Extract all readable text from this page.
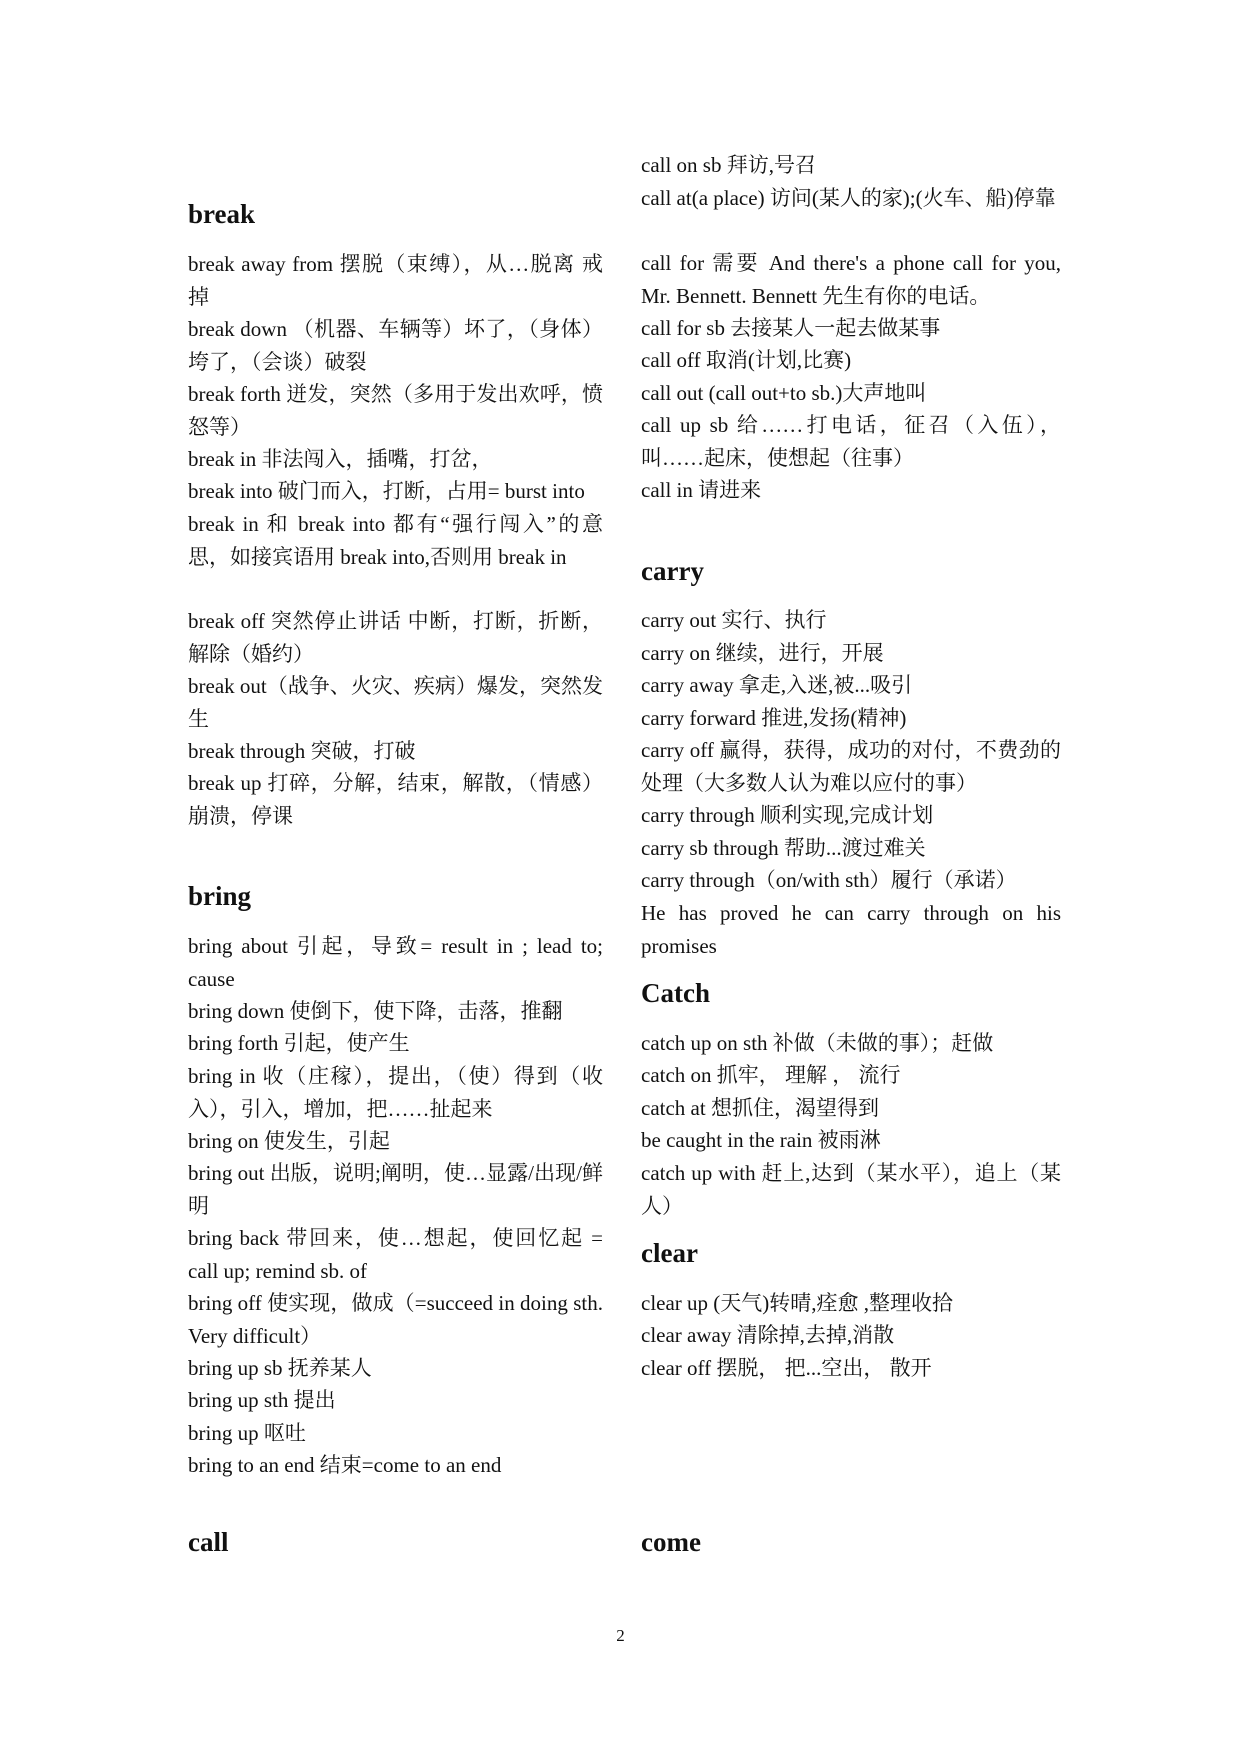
break

break away from 摆脱（束缚），从…脱离 戒掉

break down （机器、车辆等）坏了，（身体）垮了，（会谈）破裂

break forth 迸发，突然（多用于发出欢呼，愤怒等）

break in 非法闯入，插嘴，打岔，

break into 破门而入，打断，占用= burst into

break in 和 break into 都有“强行闯入”的意思，如接宾语用 break into,否则用 break in

break off 突然停止讲话 中断，打断，折断，解除（婚约）

break out（战争、火灾、疾病）爆发，突然发生

break through 突破，打破

break up 打碎，分解，结束，解散，（情感）崩溃，停课

bring

bring about 引起，导致= result in ; lead to; cause

bring down 使倒下，使下降，击落，推翻

bring forth 引起，使产生

bring in 收（庄稼），提出，（使）得到（收入），引入，增加，把……扯起来

bring on 使发生，引起

bring out 出版，说明;阐明，使…显露/出现/鲜明

bring back 带回来，使…想起，使回忆起 = call up; remind sb. of

bring off 使实现，做成（=succeed in doing sth. Very difficult）

bring up sb 抚养某人

bring up sth 提出

bring up 呕吐

bring to an end 结束=come to an end

call

call on sb 拜访,号召

call at(a place) 访问(某人的家);(火车、船)停靠

call for 需要 And there's a phone call for you, Mr. Bennett. Bennett 先生有你的电话。

call for sb 去接某人一起去做某事

call off 取消(计划,比赛)

call out (call out+to sb.)大声地叫

call up sb 给……打电话，征召（入伍），叫……起床，使想起（往事）

call in 请进来

carry

carry out 实行、执行

carry on 继续，进行，开展

carry away 拿走,入迷,被...吸引

carry forward 推进,发扬(精神)

carry off 赢得，获得，成功的对付，不费劲的处理（大多数人认为难以应付的事）

carry through 顺利实现,完成计划

carry sb through 帮助...渡过难关

carry through（on/with sth）履行（承诺）

He has proved he can carry through on his promises

Catch

catch up on sth 补做（未做的事）；赶做

catch on 抓牢， 理解 ， 流行

catch at 想抓住，渴望得到

be caught in the rain 被雨淋

catch up with 赶上,达到（某水平），追上（某人）

clear

clear up (天气)转晴,痊愈 ,整理收拾

clear away 清除掉,去掉,消散

clear off 摆脱， 把...空出， 散开

come
2
